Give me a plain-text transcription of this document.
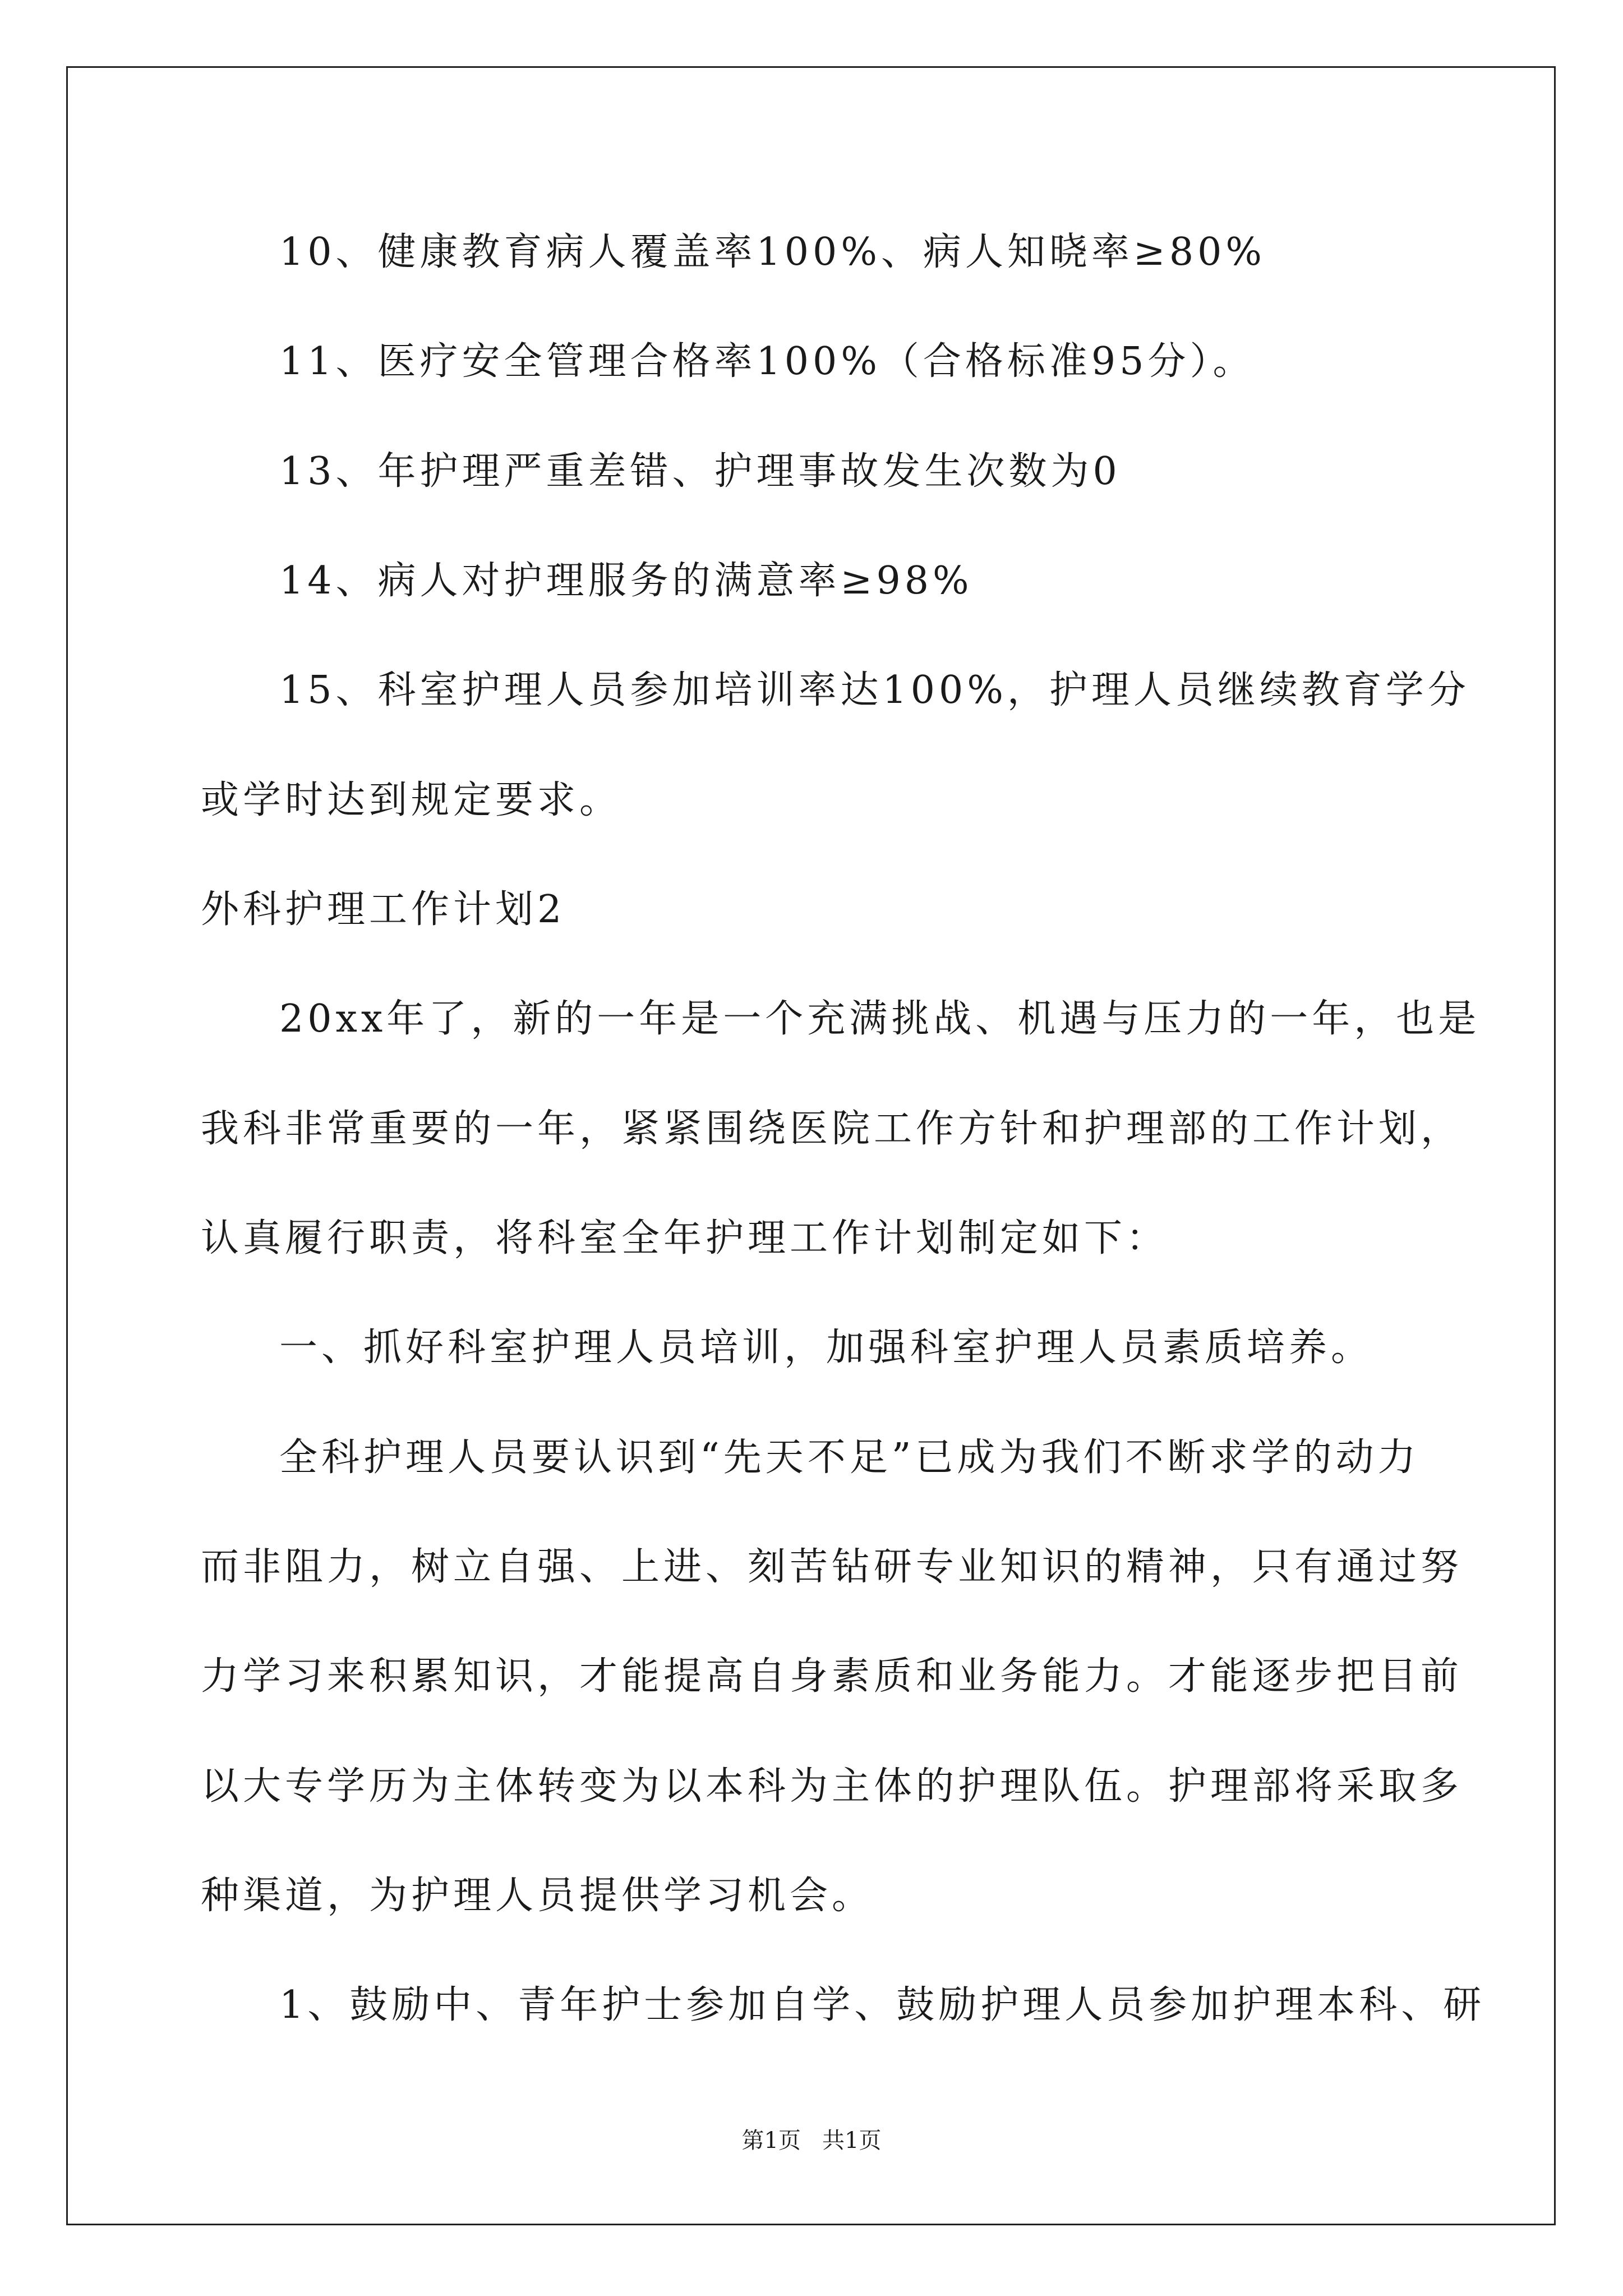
10、健康教育病人覆盖率100%、病人知晓率≥80%
11、医疗安全管理合格率100%（合格标准95分）。
13、年护理严重差错、护理事故发生次数为0
14、病人对护理服务的满意率≥98%
15、科室护理人员参加培训率达100%，护理人员继续教育学分
或学时达到规定要求。
外科护理工作计划2
20xx年了，新的一年是一个充满挑战、机遇与压力的一年，也是
我科非常重要的一年，紧紧围绕医院工作方针和护理部的工作计划，
认真履行职责，将科室全年护理工作计划制定如下：
一、抓好科室护理人员培训，加强科室护理人员素质培养。
全科护理人员要认识到“先天不足”已成为我们不断求学的动力
而非阻力，树立自强、上进、刻苦钻研专业知识的精神，只有通过努
力学习来积累知识，才能提高自身素质和业务能力。才能逐步把目前
以大专学历为主体转变为以本科为主体的护理队伍。护理部将采取多
种渠道，为护理人员提供学习机会。
1、鼓励中、青年护士参加自学、鼓励护理人员参加护理本科、研
第1页 共1页
